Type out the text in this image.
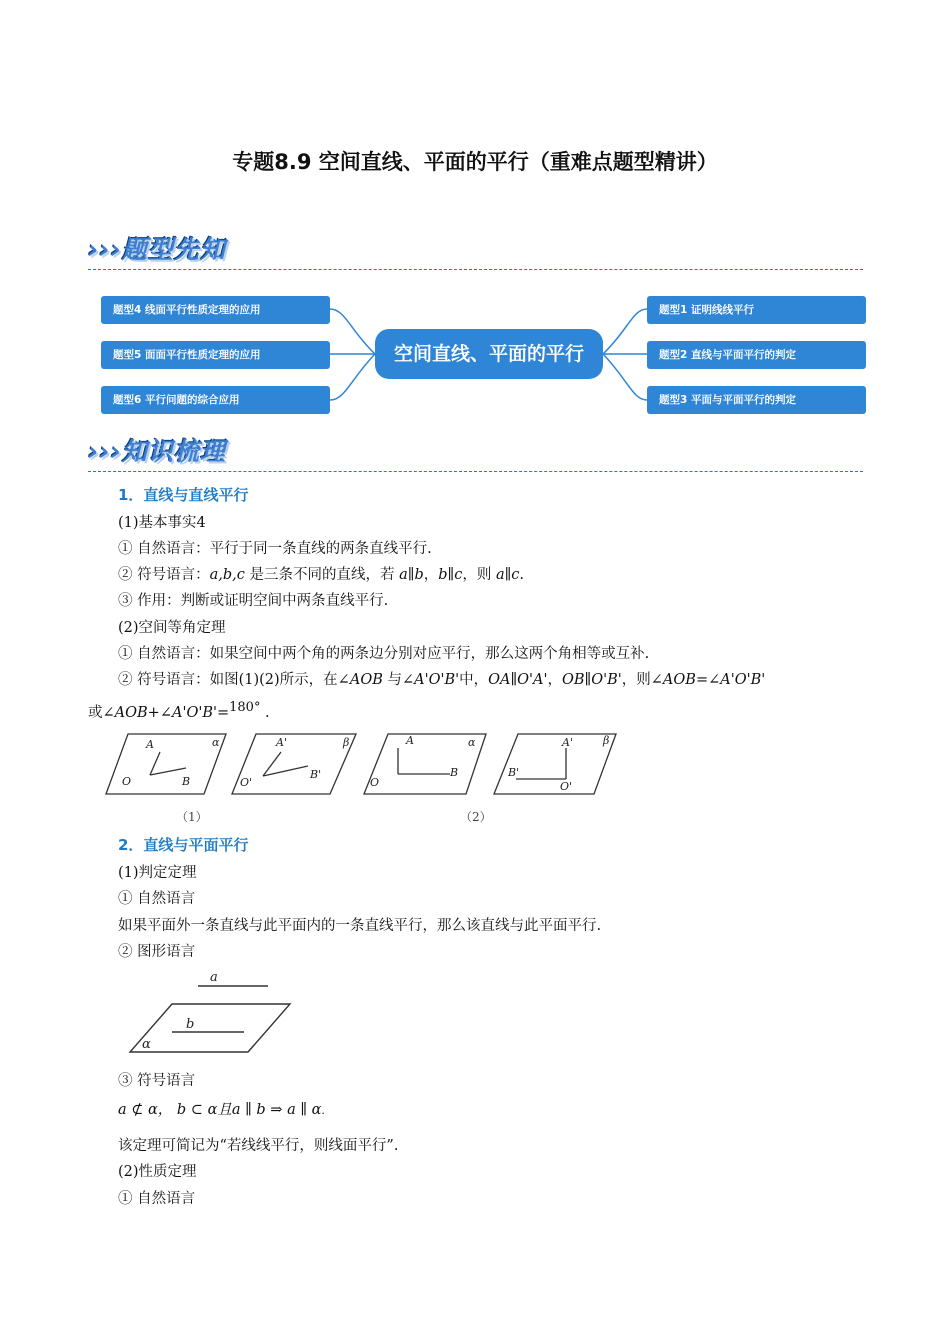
专题8.9 空间直线、平面的平行（重难点题型精讲）
›››题型先知
空间直线、平面的平行
题型4 线面平行性质定理的应用
题型5 面面平行性质定理的应用
题型6 平行问题的综合应用
题型1 证明线线平行
题型2 直线与平面平行的判定
题型3 平面与平面平行的判定
›››知识梳理
1．直线与直线平行
(1)基本事实4
① 自然语言：平行于同一条直线的两条直线平行.
② 符号语言：a,b,c 是三条不同的直线，若 a∥b，b∥c，则 a∥c.
③ 作用：判断或证明空间中两条直线平行.
(2)空间等角定理
① 自然语言：如果空间中两个角的两条边分别对应平行，那么这两个角相等或互补.
② 符号语言：如图(1)(2)所示，在∠AOB 与∠A'O'B'中，OA∥O'A'，OB∥O'B'，则∠AOB=∠A'O'B'
或∠AOB+∠A'O'B'=$^{180^\circ}$ .
A
B
O
α	A'
B'
O'
β	A
B
O
α	A'
B'
O'
β
（1）	（2）
2．直线与平面平行
(1)判定定理
① 自然语言
如果平面外一条直线与此平面内的一条直线平行，那么该直线与此平面平行.
② 图形语言
a
b
α
③ 符号语言
a ⊄ α， b ⊂ α且a ∥ b ⇒ a ∥ α.
该定理可简记为“若线线平行，则线面平行”.
(2)性质定理
① 自然语言
